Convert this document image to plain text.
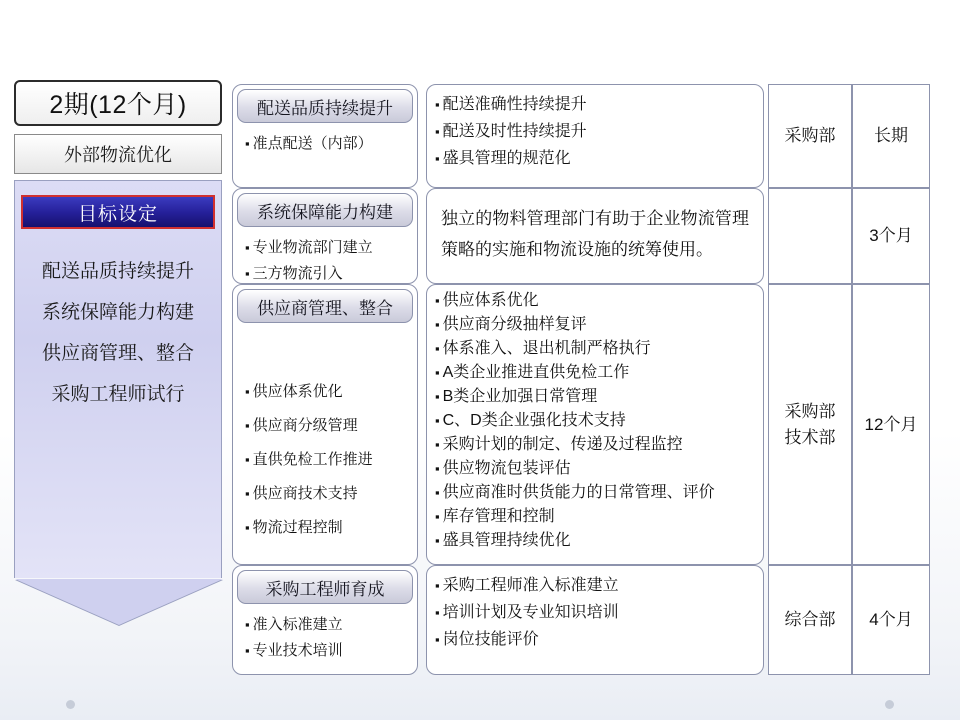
2期(12个月)
外部物流优化
目标设定
配送品质持续提升
系统保障能力构建
供应商管理、整合
采购工程师试行
配送品质持续提升
▪ 准点配送（内部）
▪ 配送准确性持续提升
▪ 配送及时性持续提升
▪ 盛具管理的规范化
采购部	长期
系统保障能力构建
▪ 专业物流部门建立
▪ 三方物流引入

独立的物料管理部门有助于企业物流管理策略的实施和物流设施的统筹使用。

3个月
供应商管理、整合
▪ 供应体系优化
▪ 供应商分级管理
▪ 直供免检工作推进
▪ 供应商技术支持
▪ 物流过程控制
▪ 供应体系优化
▪ 供应商分级抽样复评
▪ 体系准入、退出机制严格执行
▪ A类企业推进直供免检工作
▪ B类企业加强日常管理
▪ C、D类企业强化技术支持
▪ 采购计划的制定、传递及过程监控
▪ 供应物流包装评估
▪ 供应商准时供货能力的日常管理、评价
▪ 库存管理和控制
▪ 盛具管理持续优化
采购部
技术部
12个月
采购工程师育成
▪ 准入标准建立
▪ 专业技术培训
▪ 采购工程师准入标准建立
▪ 培训计划及专业知识培训
▪ 岗位技能评价
综合部	4个月
